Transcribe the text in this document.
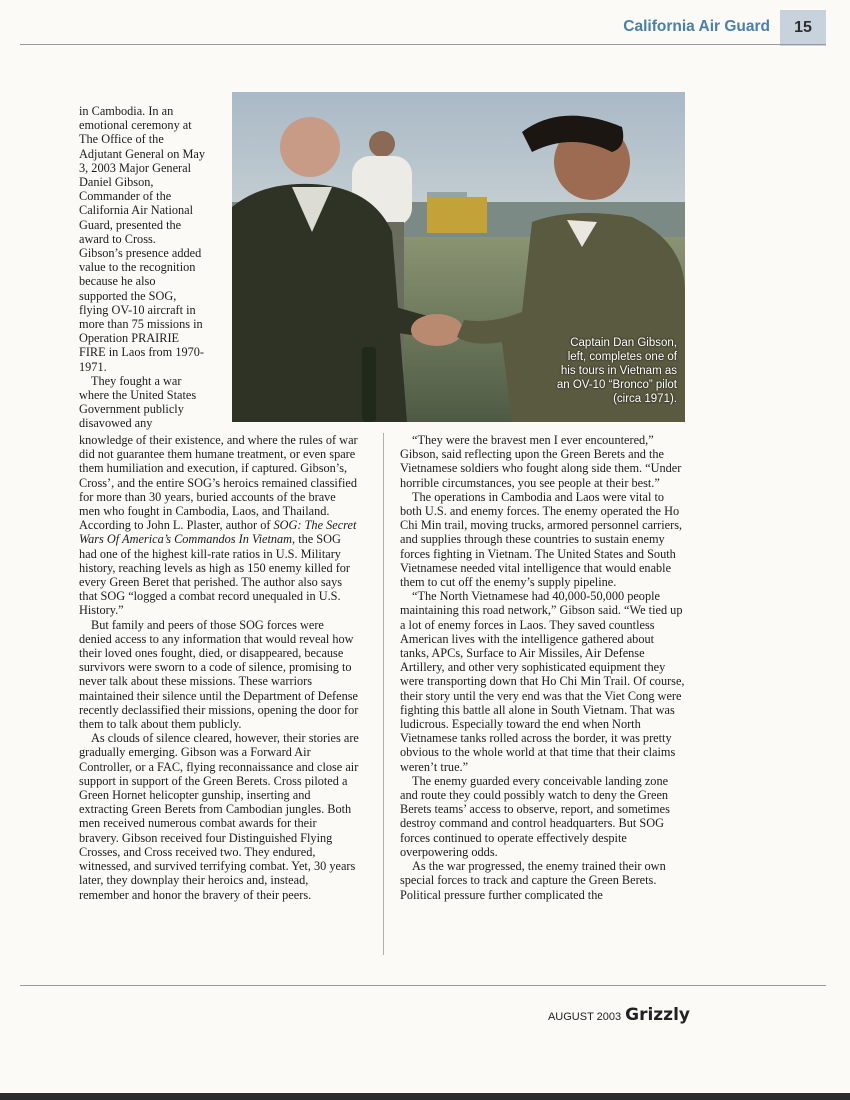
California Air Guard	15
Captain Dan Gibson,
left, completes one of
his tours in Vietnam as
an OV-10 “Bronco” pilot
(circa 1971).
in Cambodia. In an
emotional ceremony at
The Office of the
Adjutant General on May
3, 2003 Major General
Daniel Gibson,
Commander of the
California Air National
Guard, presented the
award to Cross.
Gibson’s presence added
value to the recognition
because he also
supported the SOG,
flying OV-10 aircraft in
more than 75 missions in
Operation PRAIRIE
FIRE in Laos from 1970-
1971.
They fought a war
where the United States
Government publicly
disavowed any

knowledge of their existence, and where the rules of war did not guarantee them humane treatment, or even spare them humiliation and execution, if captured. Gibson’s, Cross’, and the entire SOG’s heroics remained classified for more than 30 years, buried accounts of the brave men who fought in Cambodia, Laos, and Thailand. According to John L. Plaster, author of SOG: The Secret Wars Of America’s Commandos In Vietnam, the SOG had one of the highest kill-rate ratios in U.S. Military history, reaching levels as high as 150 enemy killed for every Green Beret that perished. The author also says that SOG “logged a combat record unequaled in U.S. History.”

But family and peers of those SOG forces were denied access to any information that would reveal how their loved ones fought, died, or disappeared, because survivors were sworn to a code of silence, promising to never talk about these missions. These warriors maintained their silence until the Department of Defense recently declassified their missions, opening the door for them to talk about them publicly.

As clouds of silence cleared, however, their stories are gradually emerging. Gibson was a Forward Air Controller, or a FAC, flying reconnaissance and close air support in support of the Green Berets. Cross piloted a Green Hornet helicopter gunship, inserting and extracting Green Berets from Cambodian jungles. Both men received numerous combat awards for their bravery. Gibson received four Distinguished Flying Crosses, and Cross received two. They endured, witnessed, and survived terrifying combat. Yet, 30 years later, they downplay their heroics and, instead, remember and honor the bravery of their peers.

“They were the bravest men I ever encountered,” Gibson, said reflecting upon the Green Berets and the Vietnamese soldiers who fought along side them. “Under horrible circumstances, you see people at their best.”

The operations in Cambodia and Laos were vital to both U.S. and enemy forces. The enemy operated the Ho Chi Min trail, moving trucks, armored personnel carriers, and supplies through these countries to sustain enemy forces fighting in Vietnam. The United States and South Vietnamese needed vital intelligence that would enable them to cut off the enemy’s supply pipeline.

“The North Vietnamese had 40,000-50,000 people maintaining this road network,” Gibson said. “We tied up a lot of enemy forces in Laos. They saved countless American lives with the intelligence gathered about tanks, APCs, Surface to Air Missiles, Air Defense Artillery, and other very sophisticated equipment they were transporting down that Ho Chi Min Trail. Of course, their story until the very end was that the Viet Cong were fighting this battle all alone in South Vietnam. That was ludicrous. Especially toward the end when North Vietnamese tanks rolled across the border, it was pretty obvious to the whole world at that time that their claims weren’t true.”

The enemy guarded every conceivable landing zone and route they could possibly watch to deny the Green Berets teams’ access to observe, report, and sometimes destroy command and control headquarters. But SOG forces continued to operate effectively despite overpowering odds.

As the war progressed, the enemy trained their own special forces to track and capture the Green Berets. Political pressure further complicated the

AUGUST 2003 Grizzly
